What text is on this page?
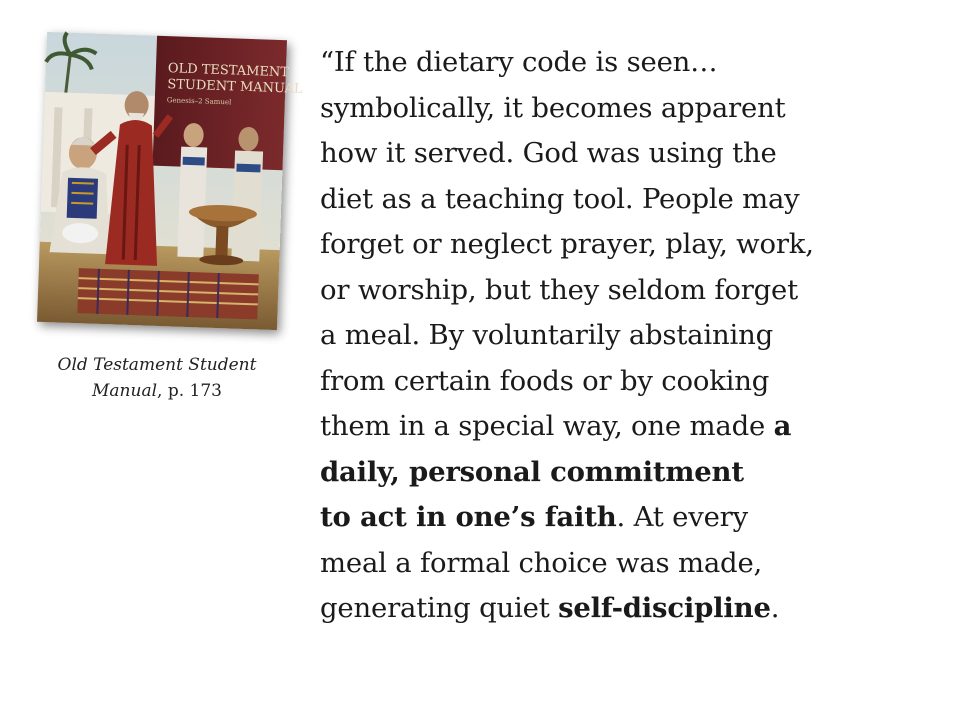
OLD TESTAMENT
STUDENT MANUAL
Genesis–2 Samuel
Old Testament Student
Manual, p. 173
“If the dietary code is seen…
symbolically, it becomes apparent
how it served. God was using the
diet as a teaching tool. People may
forget or neglect prayer, play, work,
or worship, but they seldom forget
a meal. By voluntarily abstaining
from certain foods or by cooking
them in a special way, one made a
daily, personal commitment
to act in one’s faith. At every
meal a formal choice was made,
generating quiet self-discipline.
